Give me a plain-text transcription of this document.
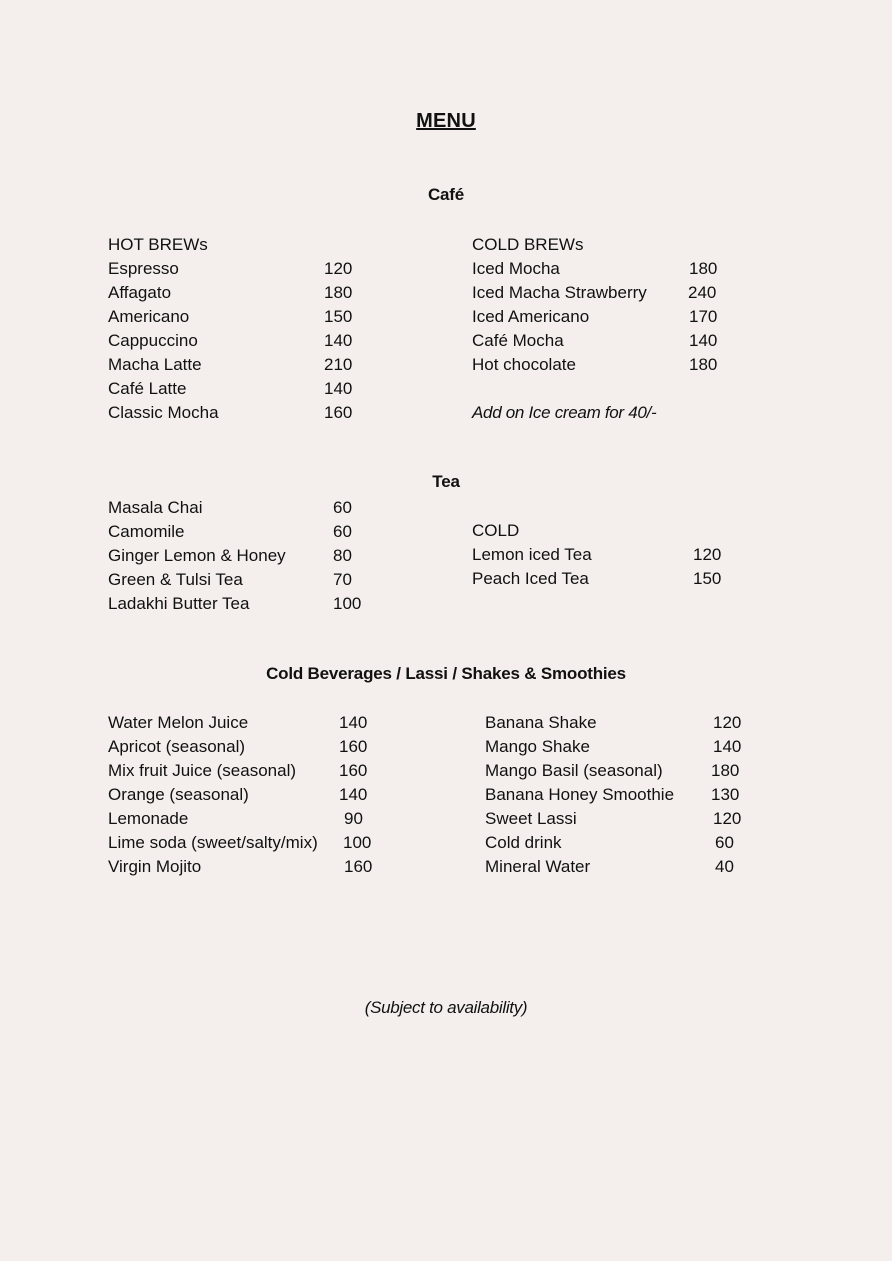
MENU
Café
HOT BREWs
Espresso	120
Affagato	180
Americano	150
Cappuccino	140
Macha Latte	210
Café Latte	140
Classic Mocha	160
COLD BREWs
Iced Mocha	180
Iced Macha Strawberry 240
Iced Americano	170
Café Mocha	140
Hot chocolate	180
Add on Ice cream for 40/-
Tea
Masala Chai	60
Camomile	60
Ginger Lemon & Honey	80
Green & Tulsi Tea	70
Ladakhi Butter Tea	100
COLD
Lemon iced Tea	120
Peach Iced Tea	150
Cold Beverages / Lassi / Shakes & Smoothies
Water Melon Juice	140
Apricot (seasonal)	160
Mix fruit Juice (seasonal)	160
Orange (seasonal)	140
Lemonade	90
Lime soda (sweet/salty/mix) 100
Virgin Mojito	160
Banana Shake	120
Mango Shake	140
Mango Basil (seasonal)	180
Banana Honey Smoothie 130
Sweet Lassi	120
Cold drink	60
Mineral Water	40
(Subject to availability)
